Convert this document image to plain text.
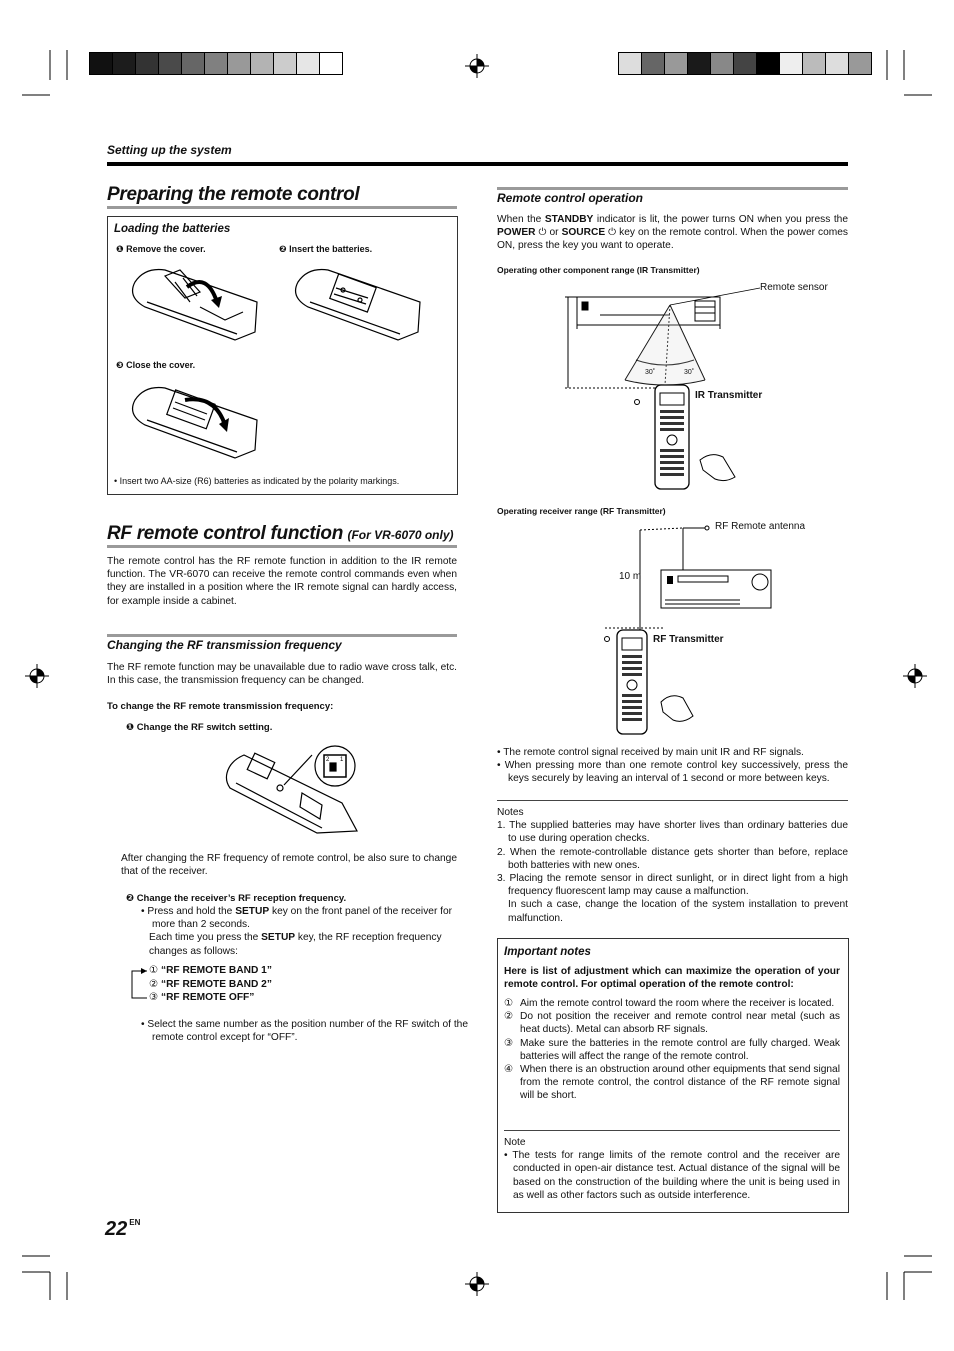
Setting up the system
Preparing the remote control
Loading the batteries
❶ Remove the cover.	❷ Insert the batteries.
❸ Close the cover.
• Insert two AA-size (R6) batteries as indicated by the polarity markings.
RF remote control function (For VR-6070 only)
The remote control has the RF remote function in addition to the IR remote function. The VR-6070 can receive the remote control commands even when they are installed in a position where the IR remote signal can hardly access, for example inside a cabinet.
Changing the RF transmission frequency
The RF remote function may be unavailable due to radio wave cross talk, etc. In this case, the transmission frequency can be changed.
To change the RF remote transmission frequency:
❶ Change the RF switch setting.
2 1
After changing the RF frequency of remote control, be also sure to change that of the receiver.
❷ Change the receiver’s RF reception frequency.
• Press and hold the SETUP key on the front panel of the receiver for more than 2 seconds.
Each time you press the SETUP key, the RF reception frequency changes as follows:
① “RF REMOTE BAND 1”
② “RF REMOTE BAND 2”
③ “RF REMOTE OFF”
• Select the same number as the position number of the RF switch of the remote control except for “OFF”.
Remote control operation
When the STANDBY indicator is lit, the power turns ON when you press the POWER ⏻ or SOURCE ⏻ key on the remote control. When the power comes ON, press the key you want to operate.
Operating other component range (IR Transmitter)
Remote sensor
30˚	30˚
IR Transmitter
Operating receiver range (RF Transmitter)
RF Remote antenna
10 m
RF Transmitter
• The remote control signal received by main unit IR and RF signals.
• When pressing more than one remote control key successively, press the keys securely by leaving an interval of 1 second or more between keys.
Notes
1. The supplied batteries may have shorter lives than ordinary batteries due to use during operation checks.
2. When the remote-controllable distance gets shorter than before, replace both batteries with new ones.
3. Placing the remote sensor in direct sunlight, or in direct light from a high frequency fluorescent lamp may cause a malfunction.
In such a case, change the location of the system installation to prevent malfunction.
Important notes
Here is list of adjustment which can maximize the operation of your remote control. For optimal operation of the remote control:
① Aim the remote control toward the room where the receiver is located.
② Do not position the receiver and remote control near metal (such as heat ducts). Metal can absorb RF signals.
③ Make sure the batteries in the remote control are fully charged. Weak batteries will affect the range of the remote control.
④ When there is an obstruction around other equipments that send signal from the remote control, the control distance of the RF remote signal will be short.
Note
• The tests for range limits of the remote control and the receiver are conducted in open-air distance test. Actual distance of the signal will be based on the construction of the building where the unit is being used in as well as other factors such as outside interference.
22 $^{EN}$
